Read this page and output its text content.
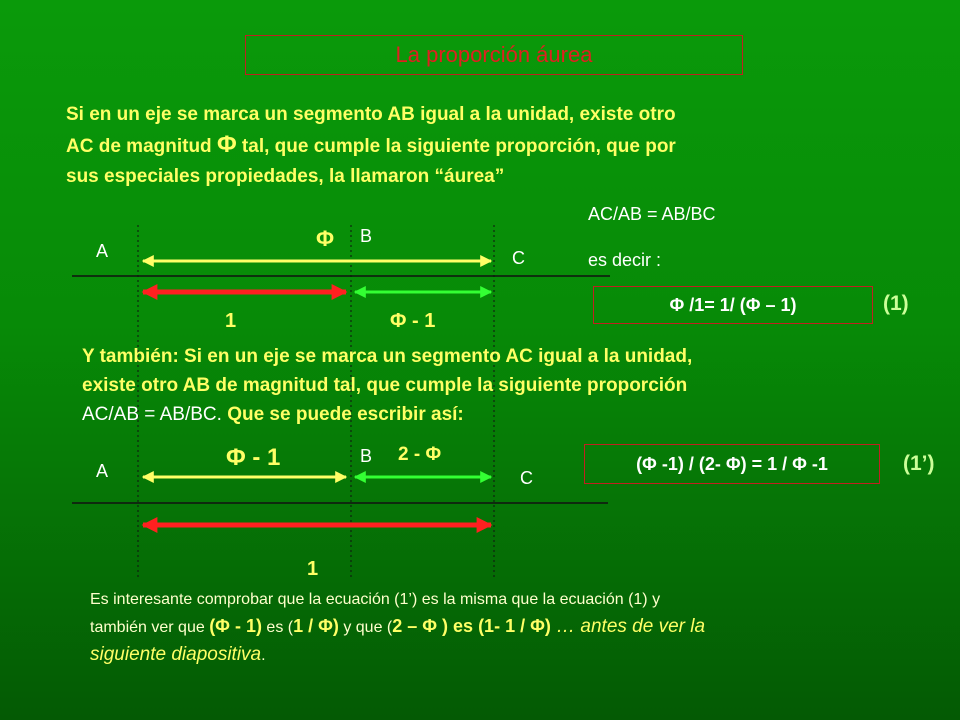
La proporción áurea
Si en un eje se marca un segmento AB igual a la unidad, existe otro
AC de magnitud Φ tal, que cumple la siguiente proporción, que por
sus especiales propiedades, la llamaron “áurea”
A
B
C
Φ
1	Φ - 1
AC/AB = AB/BC
es decir :
Φ /1= 1/ (Φ – 1)	(1)
Y también: Si en un eje se marca un segmento AC igual a la unidad,
existe otro AB de magnitud tal, que cumple la siguiente proporción
AC/AB = AB/BC. Que se puede escribir así:
A
B
C
Φ - 1	2 - Φ
1
(Φ -1) / (2- Φ) = 1 / Φ -1	(1’)
Es interesante comprobar que la ecuación (1’) es la misma que la ecuación (1) y
también ver que (Φ - 1) es (1 / Φ) y que (2 – Φ ) es (1- 1 / Φ) … antes de ver la
siguiente diapositiva.
